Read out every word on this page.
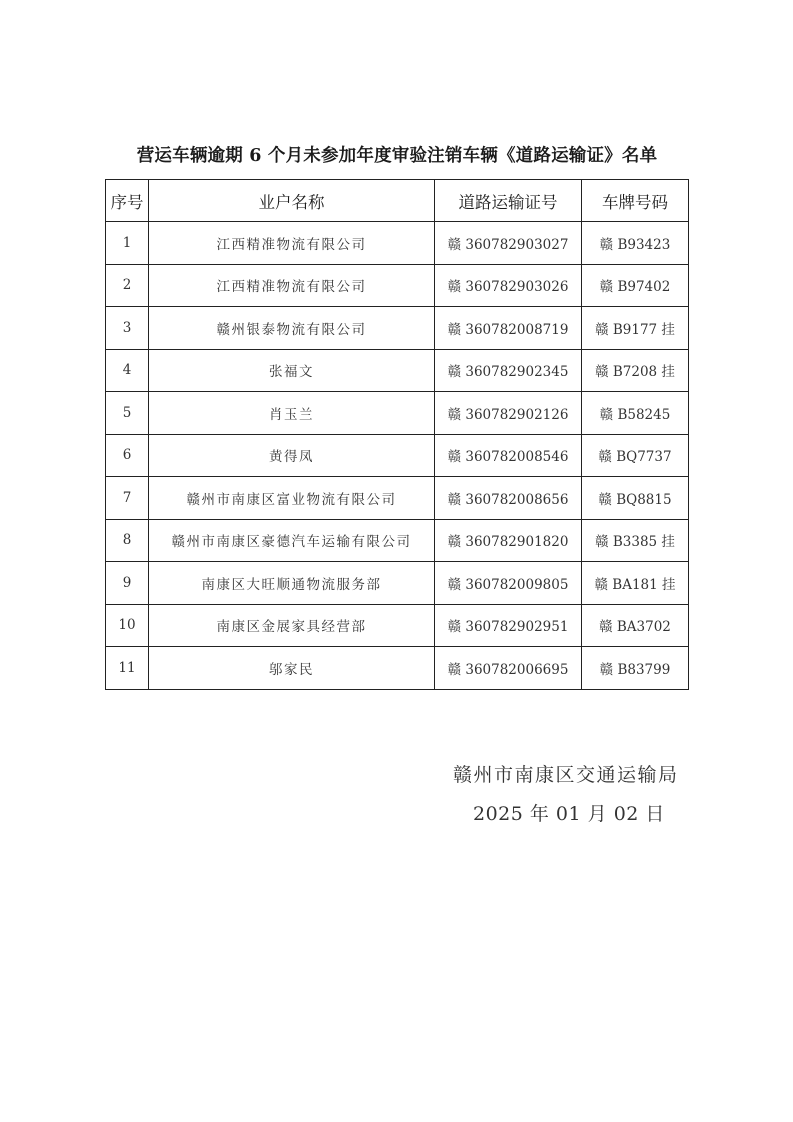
营运车辆逾期 6 个月未参加年度审验注销车辆《道路运输证》名单
序号	业户名称	道路运输证号	车牌号码
1	江西精准物流有限公司	赣 360782903027	赣 B93423
2	江西精准物流有限公司	赣 360782903026	赣 B97402
3	赣州银泰物流有限公司	赣 360782008719	赣 B9177 挂
4	张福文	赣 360782902345	赣 B7208 挂
5	肖玉兰	赣 360782902126	赣 B58245
6	黄得凤	赣 360782008546	赣 BQ7737
7	赣州市南康区富业物流有限公司	赣 360782008656	赣 BQ8815
8	赣州市南康区豪德汽车运输有限公司	赣 360782901820	赣 B3385 挂
9	南康区大旺顺通物流服务部	赣 360782009805	赣 BA181 挂
10	南康区金展家具经营部	赣 360782902951	赣 BA3702
11	邬家民	赣 360782006695	赣 B83799
赣州市南康区交通运输局
2025 年 01 月 02 日
